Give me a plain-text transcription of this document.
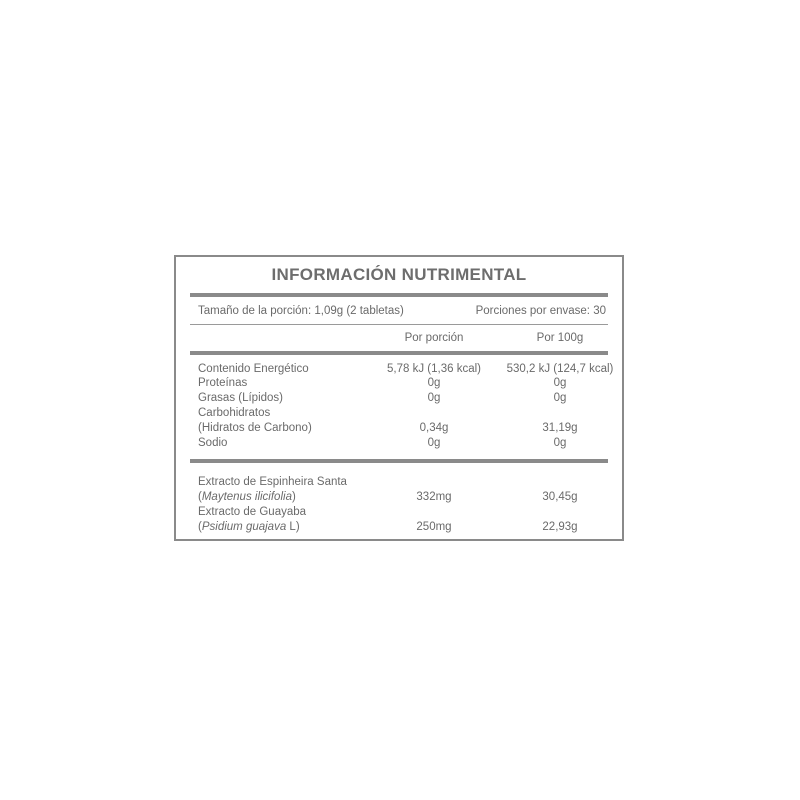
INFORMACIÓN NUTRIMENTAL
Tamaño de la porción: 1,09g (2 tabletas)	Porciones por envase: 30
Por porción	Por 100g
Contenido Energético	5,78 kJ (1,36 kcal)	530,2 kJ (124,7 kcal)
Proteínas	0g	0g
Grasas (Lípidos)	0g	0g
Carbohidratos
(Hidratos de Carbono)	0,34g	31,19g
Sodio	0g	0g
Extracto de Espinheira Santa
(Maytenus ilicifolia)	332mg	30,45g
Extracto de Guayaba
(Psidium guajava L)	250mg	22,93g
